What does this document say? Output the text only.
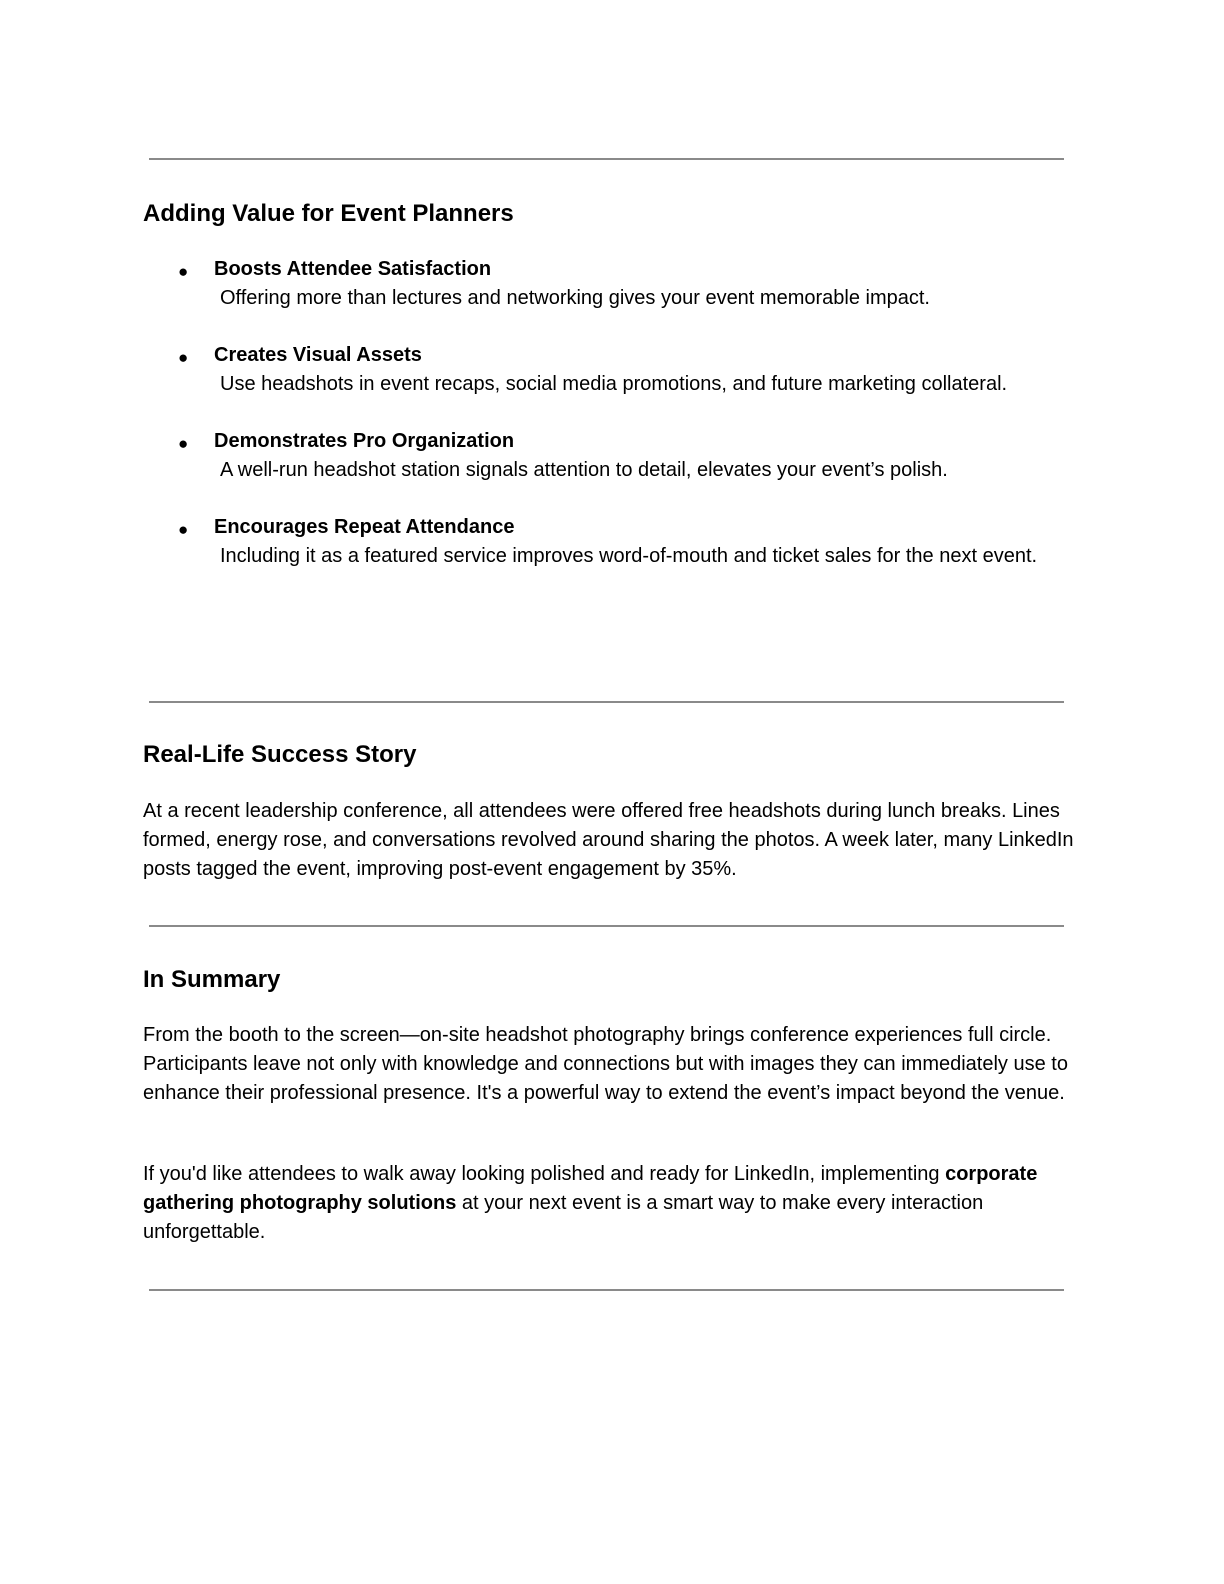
Adding Value for Event Planners
● Boosts Attendee Satisfaction
Offering more than lectures and networking gives your event memorable impact.
● Creates Visual Assets
Use headshots in event recaps, social media promotions, and future marketing collateral.
● Demonstrates Pro Organization
A well-run headshot station signals attention to detail, elevates your event’s polish.
● Encourages Repeat Attendance
Including it as a featured service improves word-of-mouth and ticket sales for the next event.
Real-Life Success Story

At a recent leadership conference, all attendees were offered free headshots during lunch breaks. Lines formed, energy rose, and conversations revolved around sharing the photos. A week later, many LinkedIn posts tagged the event, improving post-event engagement by 35%.

In Summary

From the booth to the screen—on-site headshot photography brings conference experiences full circle. Participants leave not only with knowledge and connections but with images they can immediately use to enhance their professional presence. It's a powerful way to extend the event’s impact beyond the venue.

If you'd like attendees to walk away looking polished and ready for LinkedIn, implementing corporate gathering photography solutions at your next event is a smart way to make every interaction unforgettable.
